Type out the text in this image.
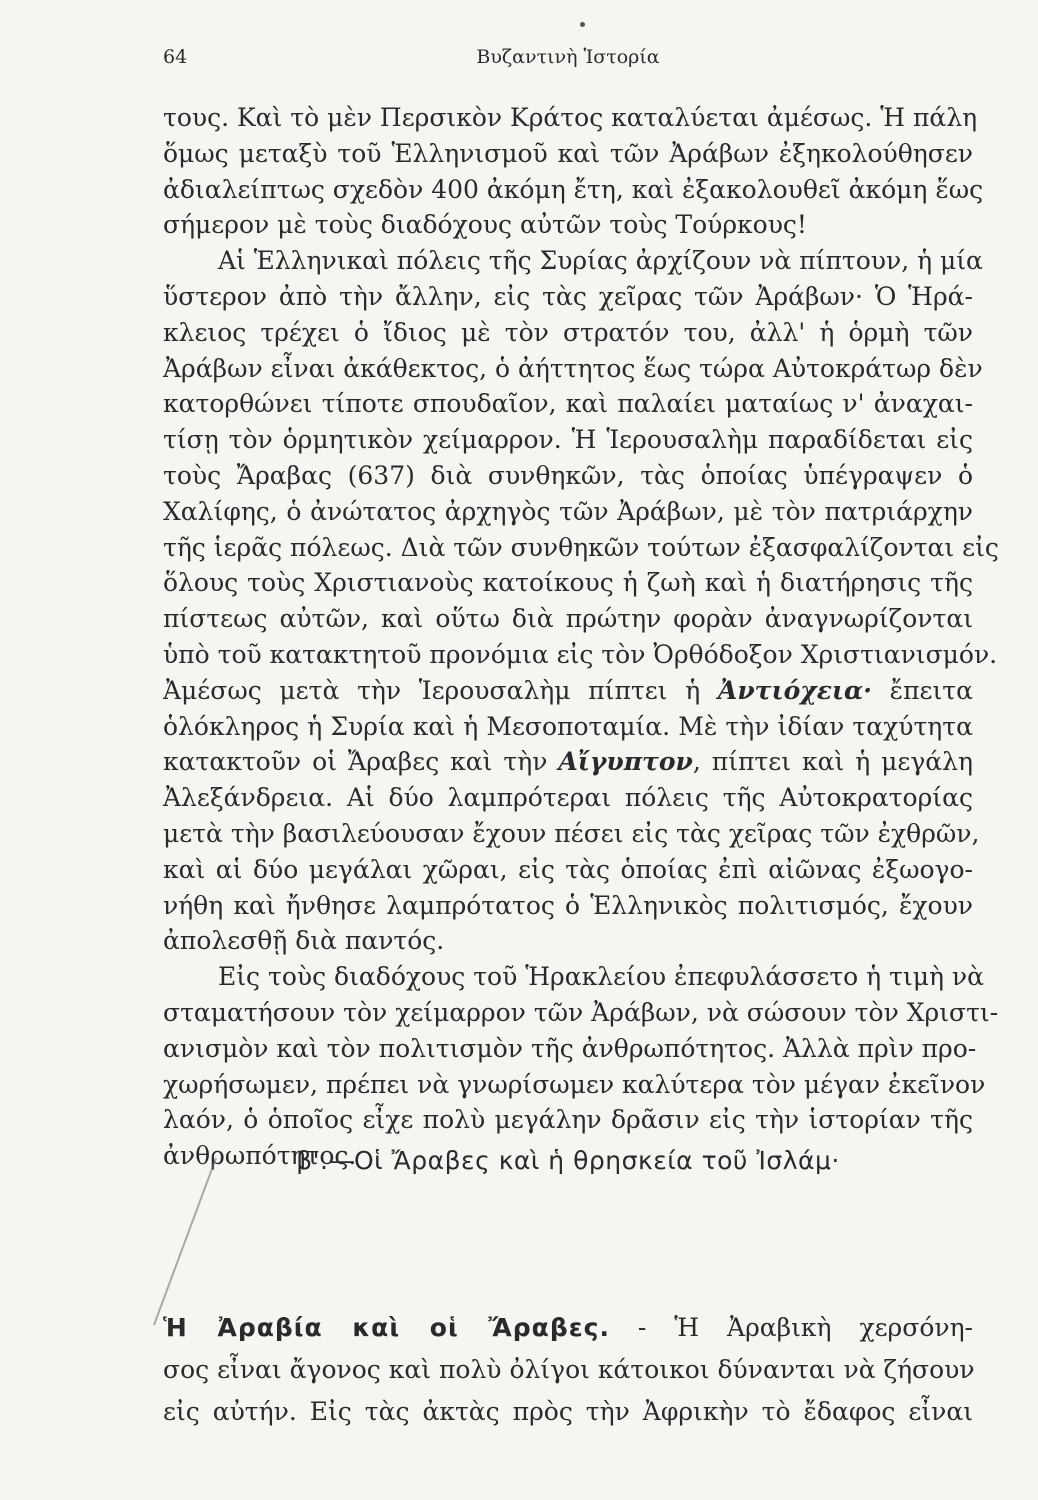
64	Βυζαντινὴ Ἱστορία

τους. Καὶ τὸ μὲν Περσικὸν Κράτος καταλύεται ἀμέσως. Ἡ πάλη
ὅμως μεταξὺ τοῦ Ἑλληνισμοῦ καὶ τῶν Ἀράβων ἐξηκολούθησεν
ἀδιαλείπτως σχεδὸν 400 ἀκόμη ἔτη, καὶ ἐξακολουθεῖ ἀκόμη ἕως
σήμερον μὲ τοὺς διαδόχους αὐτῶν τοὺς Τούρκους!

Αἱ Ἑλληνικαὶ πόλεις τῆς Συρίας ἀρχίζουν νὰ πίπτουν, ἡ μία
ὕστερον ἀπὸ τὴν ἄλλην, εἰς τὰς χεῖρας τῶν Ἀράβων· Ὁ Ἡρά-
κλειος τρέχει ὁ ἴδιος μὲ τὸν στρατόν του, ἀλλ' ἡ ὁρμὴ τῶν
Ἀράβων εἶναι ἀκάθεκτος, ὁ ἀήττητος ἕως τώρα Αὐτοκράτωρ δὲν
κατορθώνει τίποτε σπουδαῖον, καὶ παλαίει ματαίως ν' ἀναχαι-
τίσῃ τὸν ὁρμητικὸν χείμαρρον. Ἡ Ἱερουσαλὴμ παραδίδεται εἰς
τοὺς Ἄραβας (637) διὰ συνθηκῶν, τὰς ὁποίας ὑπέγραψεν ὁ
Χαλίφης, ὁ ἀνώτατος ἀρχηγὸς τῶν Ἀράβων, μὲ τὸν πατριάρχην
τῆς ἱερᾶς πόλεως. Διὰ τῶν συνθηκῶν τούτων ἐξασφαλίζονται εἰς
ὅλους τοὺς Χριστιανοὺς κατοίκους ἡ ζωὴ καὶ ἡ διατήρησις τῆς
πίστεως αὐτῶν, καὶ οὕτω διὰ πρώτην φορὰν ἀναγνωρίζονται
ὑπὸ τοῦ κατακτητοῦ προνόμια εἰς τὸν Ὀρθόδοξον Χριστιανισμόν.
Ἀμέσως μετὰ τὴν Ἱερουσαλὴμ πίπτει ἡ Ἀντιόχεια· ἔπειτα
ὁλόκληρος ἡ Συρία καὶ ἡ Μεσοποταμία. Μὲ τὴν ἰδίαν ταχύτητα
κατακτοῦν οἱ Ἄραβες καὶ τὴν Αἴγυπτον, πίπτει καὶ ἡ μεγάλη
Ἀλεξάνδρεια. Αἱ δύο λαμπρότεραι πόλεις τῆς Αὐτοκρατορίας
μετὰ τὴν βασιλεύουσαν ἔχουν πέσει εἰς τὰς χεῖρας τῶν ἐχθρῶν,
καὶ αἱ δύο μεγάλαι χῶραι, εἰς τὰς ὁποίας ἐπὶ αἰῶνας ἐξωογο-
νήθη καὶ ἤνθησε λαμπρότατος ὁ Ἑλληνικὸς πολιτισμός, ἔχουν
ἀπολεσθῇ διὰ παντός.

Εἰς τοὺς διαδόχους τοῦ Ἡρακλείου ἐπεφυλάσσετο ἡ τιμὴ νὰ
σταματήσουν τὸν χείμαρρον τῶν Ἀράβων, νὰ σώσουν τὸν Χριστι-
ανισμὸν καὶ τὸν πολιτισμὸν τῆς ἀνθρωπότητος. Ἀλλὰ πρὶν προ-
χωρήσωμεν, πρέπει νὰ γνωρίσωμεν καλύτερα τὸν μέγαν ἐκεῖνον
λαόν, ὁ ὁποῖος εἶχε πολὺ μεγάλην δρᾶσιν εἰς τὴν ἱστορίαν τῆς
ἀνθρωπότητος.

β'.—Οἱ Ἄραβες καὶ ἡ θρησκεία τοῦ Ἰσλάμ·
Ἡ Ἀραβία καὶ οἱ Ἄραβες. - Ἡ Ἀραβικὴ χερσόνη-
σος εἶναι ἄγονος καὶ πολὺ ὀλίγοι κάτοικοι δύνανται νὰ ζήσουν
εἰς αὐτήν. Εἰς τὰς ἀκτὰς πρὸς τὴν Ἀφρικὴν τὸ ἔδαφος εἶναι
